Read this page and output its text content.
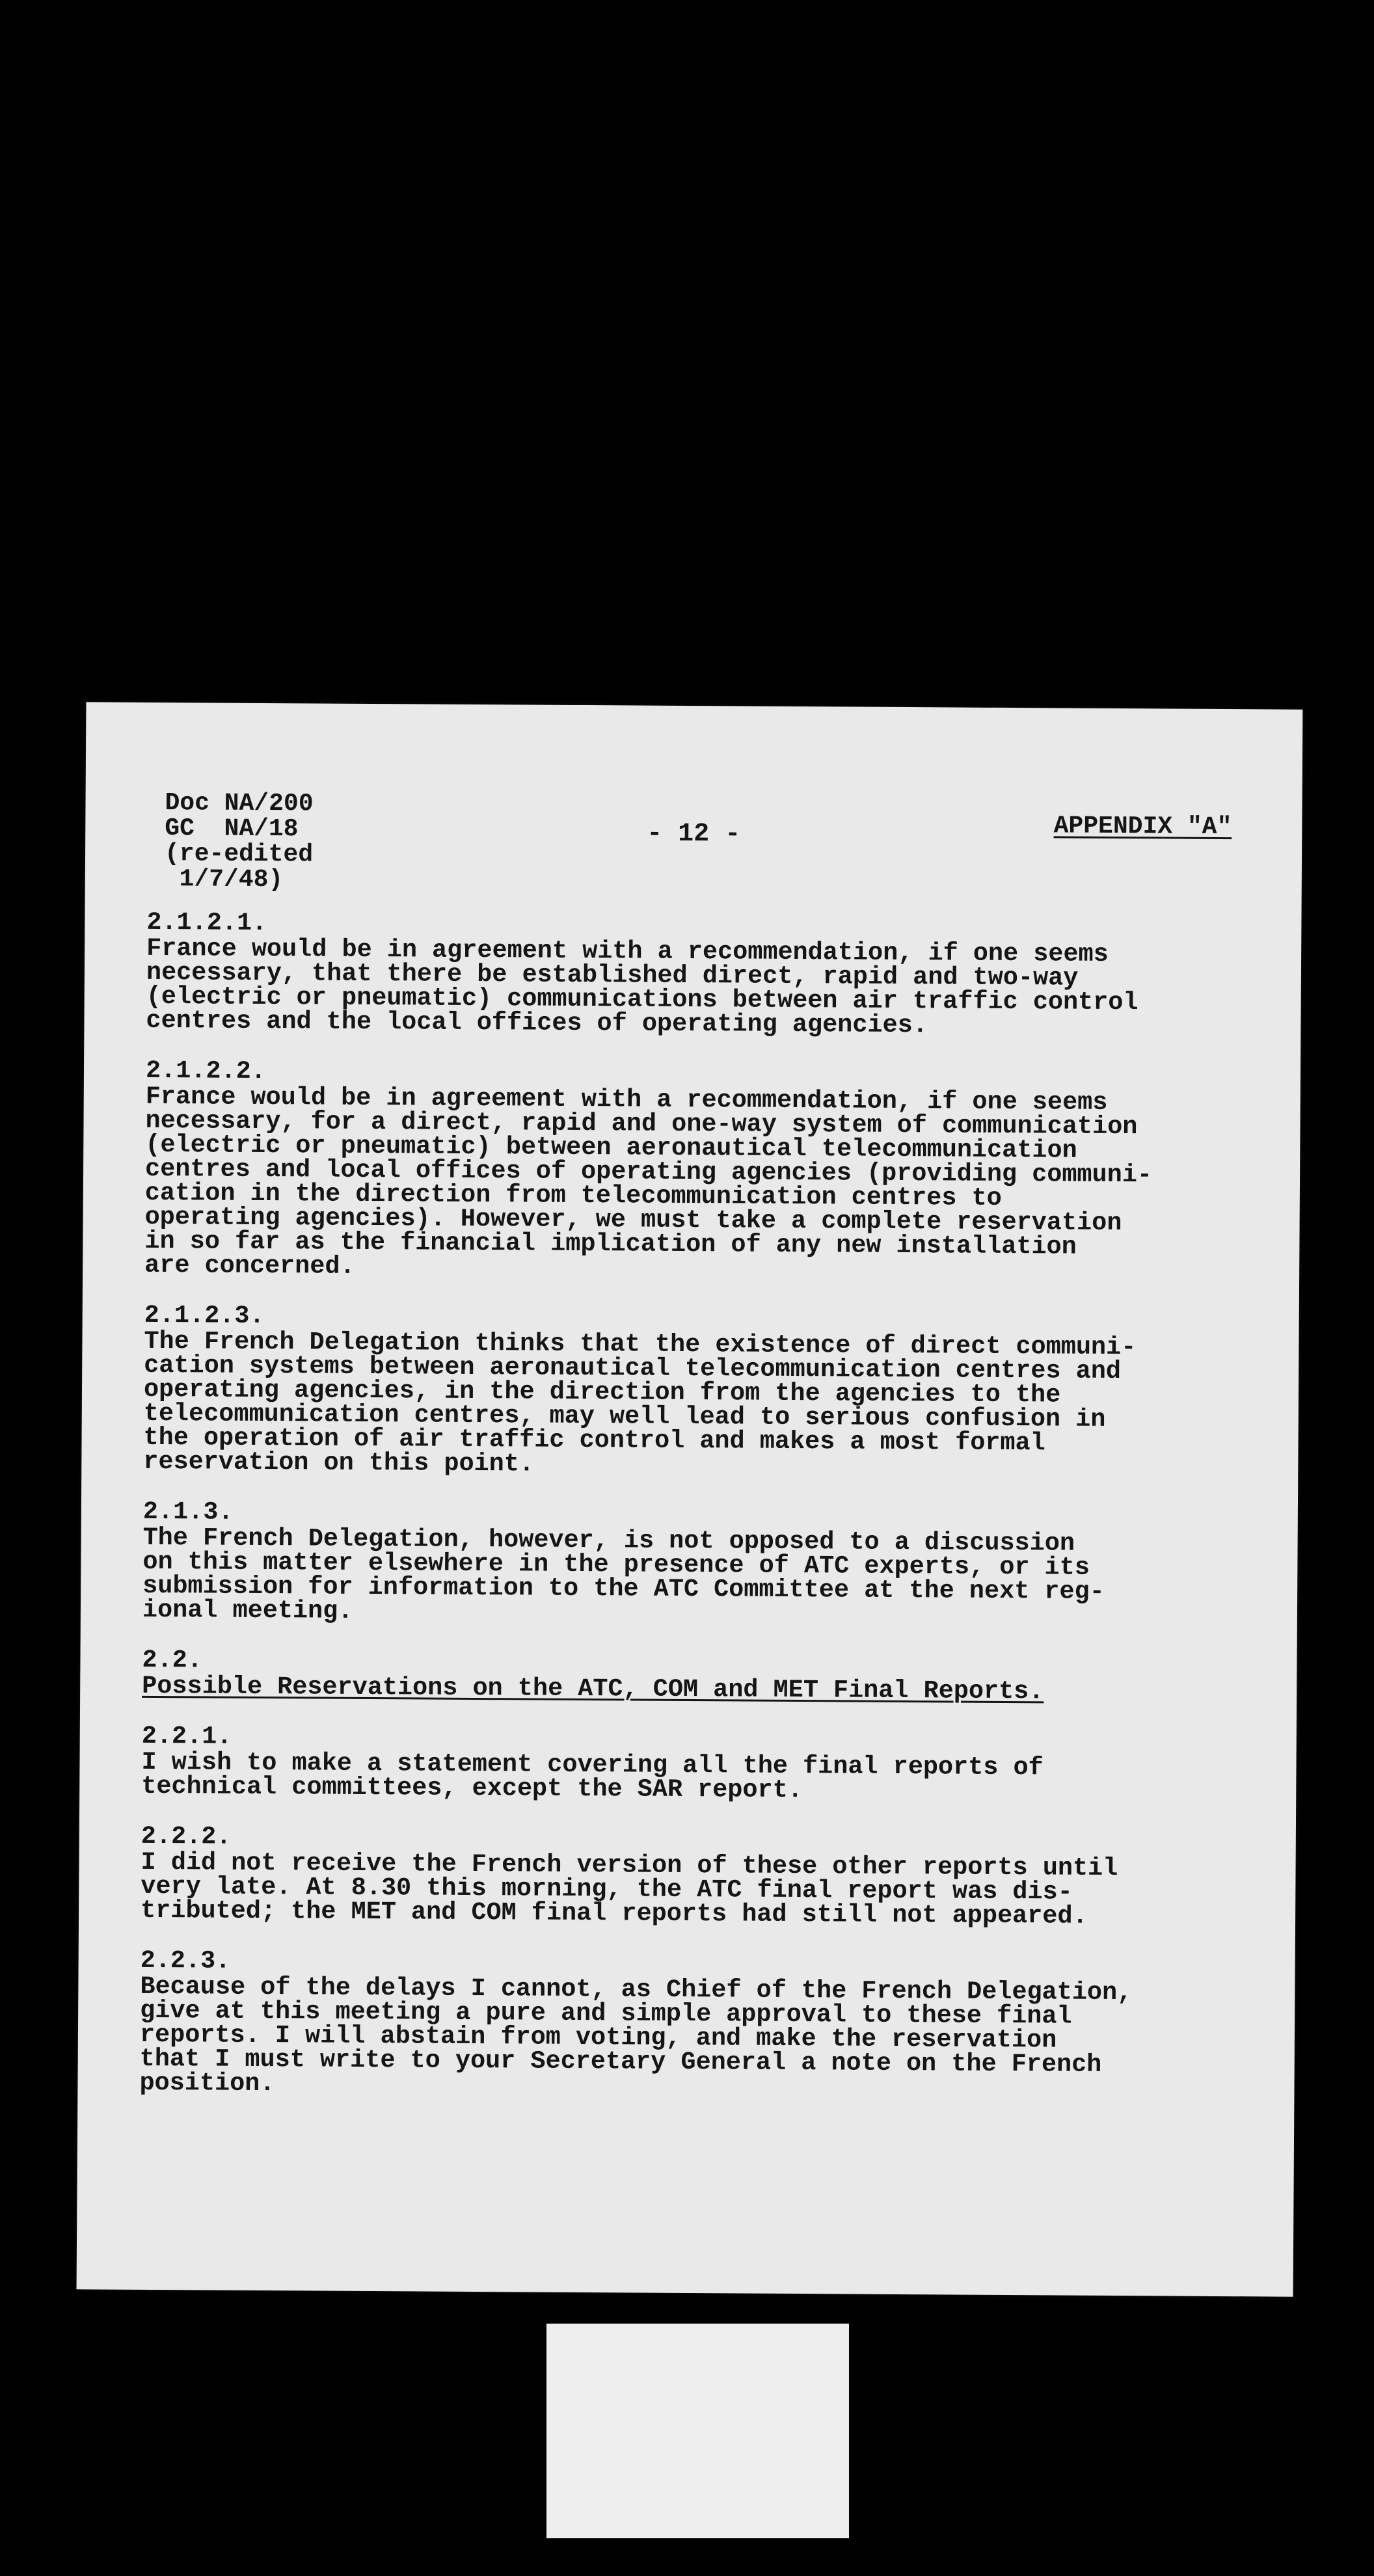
Doc NA/200
GC  NA/18
(re-edited
1/7/48)
- 12 -	APPENDIX "A"
2.1.2.1.
France would be in agreement with a recommendation, if one seems
necessary, that there be established direct, rapid and two-way
(electric or pneumatic) communications between air traffic control
centres and the local offices of operating agencies.
2.1.2.2.
France would be in agreement with a recommendation, if one seems
necessary, for a direct, rapid and one-way system of communication
(electric or pneumatic) between aeronautical telecommunication
centres and local offices of operating agencies (providing communi-
cation in the direction from telecommunication centres to
operating agencies). However, we must take a complete reservation
in so far as the financial implication of any new installation
are concerned.
2.1.2.3.
The French Delegation thinks that the existence of direct communi-
cation systems between aeronautical telecommunication centres and
operating agencies, in the direction from the agencies to the
telecommunication centres, may well lead to serious confusion in
the operation of air traffic control and makes a most formal
reservation on this point.
2.1.3.
The French Delegation, however, is not opposed to a discussion
on this matter elsewhere in the presence of ATC experts, or its
submission for information to the ATC Committee at the next reg-
ional meeting.
2.2.
Possible Reservations on the ATC, COM and MET Final Reports.
2.2.1.
I wish to make a statement covering all the final reports of
technical committees, except the SAR report.
2.2.2.
I did not receive the French version of these other reports until
very late. At 8.30 this morning, the ATC final report was dis-
tributed; the MET and COM final reports had still not appeared.
2.2.3.
Because of the delays I cannot, as Chief of the French Delegation,
give at this meeting a pure and simple approval to these final
reports. I will abstain from voting, and make the reservation
that I must write to your Secretary General a note on the French
position.
